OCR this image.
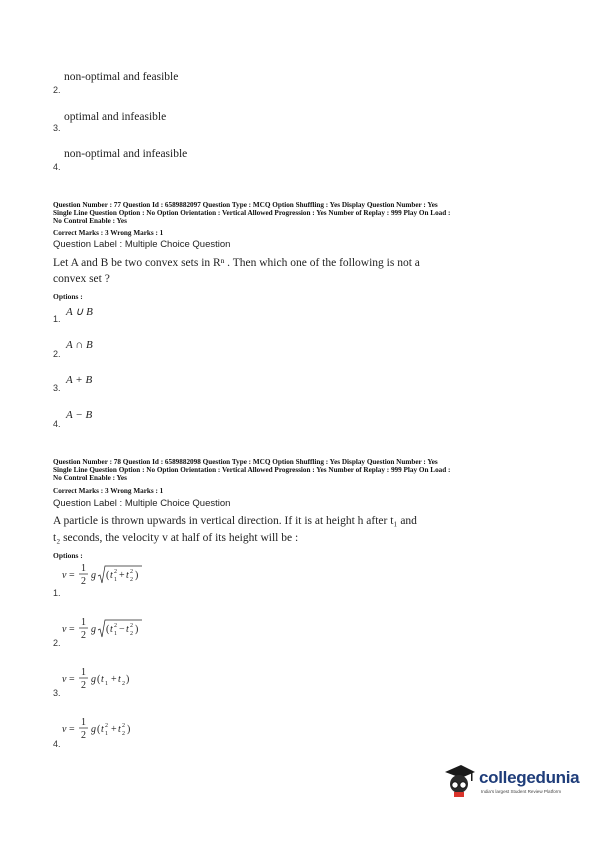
non-optimal and feasible
2.
optimal and infeasible
3.
non-optimal and infeasible
4.
Question Number : 77 Question Id : 6589882097 Question Type : MCQ Option Shuffling : Yes Display Question Number : Yes
Single Line Question Option : No Option Orientation : Vertical Allowed Progression : Yes Number of Replay : 999 Play On Load :
No Control Enable : Yes
Correct Marks : 3 Wrong Marks : 1
Question Label : Multiple Choice Question
Let A and B be two convex sets in Rⁿ . Then which one of the following is not a
convex set ?
Options :
A ∪ B
1.
A ∩ B
2.
A + B
3.
A − B
4.
Question Number : 78 Question Id : 6589882098 Question Type : MCQ Option Shuffling : Yes Display Question Number : Yes
Single Line Question Option : No Option Orientation : Vertical Allowed Progression : Yes Number of Replay : 999 Play On Load :
No Control Enable : Yes
Correct Marks : 3 Wrong Marks : 1
Question Label : Multiple Choice Question
A particle is thrown upwards in vertical direction. If it is at height h after t₁ and
t₂ seconds, the velocity v at half of its height will be :
Options :
v =
1
2
g ( t 1
2 + t 2
2 )
1.
v =
1
2
g ( t 1
2 − t 2
2 )
2.
v =
1
2
g ( t 1 + t 2 )
3.
v =
1
2
g ( t 1
2 + t 2
2 )
4.
collegedunia
India's largest Student Review Platform
